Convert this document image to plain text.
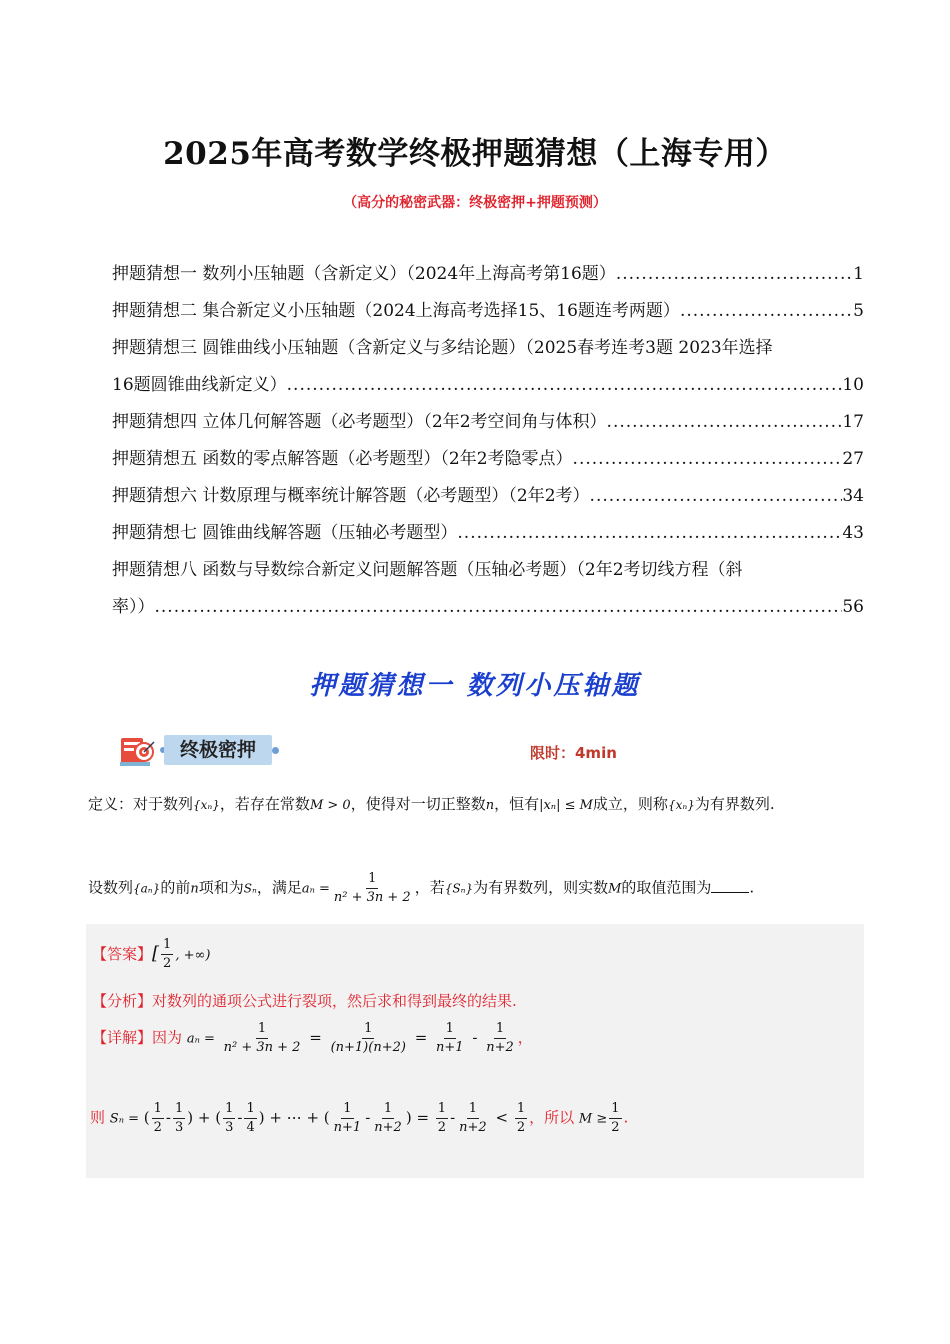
2025年高考数学终极押题猜想（上海专用）
（高分的秘密武器：终极密押+押题预测）
押题猜想一 数列小压轴题（含新定义）（2024年上海高考第16题） .....	1
押题猜想二 集合新定义小压轴题（2024上海高考选择15、16题连考两题） .....	5
押题猜想三 圆锥曲线小压轴题（含新定义与多结论题）（2025春考连考3题 2023年选择
16题圆锥曲线新定义） .....	10
押题猜想四 立体几何解答题（必考题型）（2年2考空间角与体积） .....	17
押题猜想五 函数的零点解答题（必考题型）（2年2考隐零点） .....	27
押题猜想六 计数原理与概率统计解答题（必考题型）（2年2考） .....	34
押题猜想七 圆锥曲线解答题（压轴必考题型） .....	43
押题猜想八 函数与导数综合新定义问题解答题（压轴必考题）（2年2考切线方程（斜
率）） .....	56
押题猜想一 数列小压轴题
终极密押	限时：4min
定义：对于数列{xₙ}，若存在常数M > 0，使得对一切正整数n，恒有|xₙ| ≤ M成立，则称{xₙ}为有界数列.
设数列{aₙ}的前n项和为Sₙ，满足$a_n = \frac{1}{\text{n² + 3n + 2}}$ ，若{Sₙ}为有界数列，则实数M的取值范围为	.
【答案】[ $\frac{1}{2}$ , +∞)
【分析】对数列的通项公式进行裂项，然后求和得到最终的结果.
【详解】因为 $a_n = \frac{1}{\text{n² + 3n + 2}} = \frac{1}{(n+1)(n+2)} = \frac{1}{n+1} - \frac{1}{n+2}$ ，
则 Sₙ = ( $\frac{1}{2} - \frac{1}{3}$ ) + ( $\frac{1}{3} - \frac{1}{4}$ ) + ⋯ + ( $\frac{1}{n+1} - \frac{1}{n+2}$ ) = $\frac{1}{2} - \frac{1}{n+2} < \frac{1}{2}$ ，所以 $M \ge \frac{1}{2}$ .
